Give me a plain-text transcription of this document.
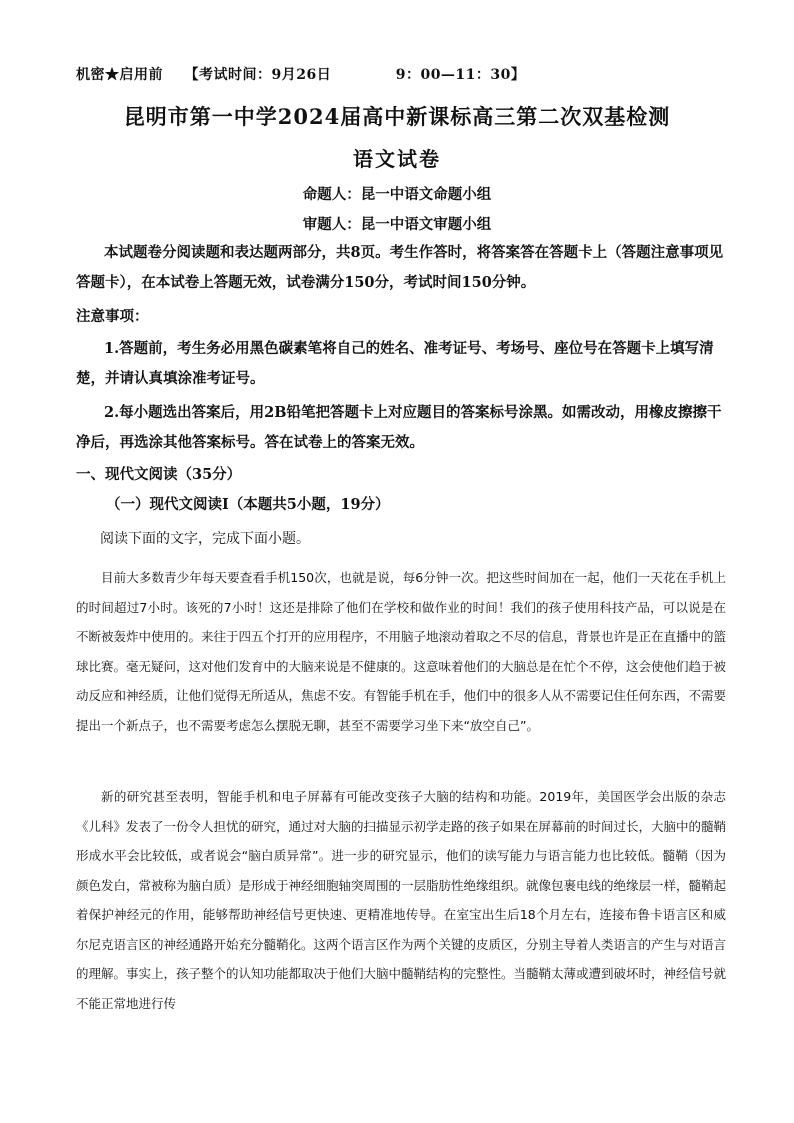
机密★启用前 【考试时间：9月26日            9：00—11：30】
昆明市第一中学2024届高中新课标高三第二次双基检测
语文试卷
命题人：昆一中语文命题小组
审题人：昆一中语文审题小组
本试题卷分阅读题和表达题两部分，共8页。考生作答时，将答案答在答题卡上（答题注意事项见答题卡），在本试卷上答题无效，试卷满分150分，考试时间150分钟。
注意事项：
1.答题前，考生务必用黑色碳素笔将自己的姓名、准考证号、考场号、座位号在答题卡上填写清楚，并请认真填涂准考证号。
2.每小题选出答案后，用2B铅笔把答题卡上对应题目的答案标号涂黑。如需改动，用橡皮擦擦干净后，再选涂其他答案标号。答在试卷上的答案无效。
一、现代文阅读（35分）
（一）现代文阅读Ⅰ（本题共5小题，19分）
阅读下面的文字，完成下面小题。

目前大多数青少年每天要查看手机150次，也就是说，每6分钟一次。把这些时间加在一起，他们一天花在手机上的时间超过7小时。该死的7小时！这还是排除了他们在学校和做作业的时间！我们的孩子使用科技产品，可以说是在不断被轰炸中使用的。来往于四五个打开的应用程序，不用脑子地滚动着取之不尽的信息，背景也许是正在直播中的篮球比赛。毫无疑问，这对他们发育中的大脑来说是不健康的。这意味着他们的大脑总是在忙个不停，这会使他们趋于被动反应和神经质，让他们觉得无所适从，焦虑不安。有智能手机在手，他们中的很多人从不需要记住任何东西，不需要提出一个新点子，也不需要考虑怎么摆脱无聊，甚至不需要学习坐下来“放空自己”。

新的研究甚至表明，智能手机和电子屏幕有可能改变孩子大脑的结构和功能。2019年，美国医学会出版的杂志《儿科》发表了一份令人担忧的研究，通过对大脑的扫描显示初学走路的孩子如果在屏幕前的时间过长，大脑中的髓鞘形成水平会比较低，或者说会“脑白质异常”。进一步的研究显示，他们的读写能力与语言能力也比较低。髓鞘（因为颜色发白，常被称为脑白质）是形成于神经细胞轴突周围的一层脂肪性绝缘组织。就像包裹电线的绝缘层一样，髓鞘起着保护神经元的作用，能够帮助神经信号更快速、更精准地传导。在室宝出生后18个月左右，连接布鲁卡语言区和威尔尼克语言区的神经通路开始充分髓鞘化。这两个语言区作为两个关键的皮质区，分别主导着人类语言的产生与对语言的理解。事实上，孩子整个的认知功能都取决于他们大脑中髓鞘结构的完整性。当髓鞘太薄或遭到破坏时，神经信号就不能正常地进行传
